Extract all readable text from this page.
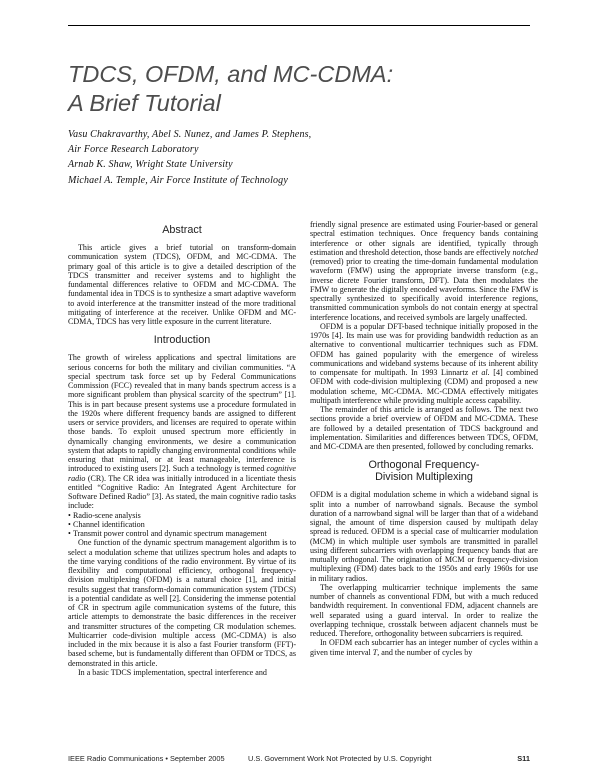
TDCS, OFDM, and MC-CDMA:
A Brief Tutorial
Vasu Chakravarthy, Abel S. Nunez, and James P. Stephens,
Air Force Research Laboratory
Arnab K. Shaw, Wright State University
Michael A. Temple, Air Force Institute of Technology
Abstract

This article gives a brief tutorial on transform-domain communication system (TDCS), OFDM, and MC-CDMA. The primary goal of this article is to give a detailed description of the TDCS transmitter and receiver systems and to highlight the fundamental differences relative to OFDM and MC-CDMA. The fundamental idea in TDCS is to synthesize a smart adaptive waveform to avoid interference at the transmitter instead of the more traditional mitigating of interference at the receiver. Unlike OFDM and MC-CDMA, TDCS has very little exposure in the current literature.

Introduction

The growth of wireless applications and spectral limitations are serious concerns for both the military and civilian communities. “A special spectrum task force set up by Federal Communications Commission (FCC) revealed that in many bands spectrum access is a more significant problem than physical scarcity of the spectrum” [1]. This is in part because present systems use a procedure formulated in the 1920s where different frequency bands are assigned to different users or service providers, and licenses are required to operate within those bands. To exploit unused spectrum more efficiently in dynamically changing environments, we desire a communication system that adapts to rapidly changing environmental conditions while ensuring that minimal, or at least manageable, interference is introduced to existing users [2]. Such a technology is termed cognitive radio (CR). The CR idea was initially introduced in a licentiate thesis entitled “Cognitive Radio: An Integrated Agent Architecture for Software Defined Radio” [3]. As stated, the main cognitive radio tasks include:

• Radio-scene analysis
• Channel identification
• Transmit power control and dynamic spectrum management

One function of the dynamic spectrum management algorithm is to select a modulation scheme that utilizes spectrum holes and adapts to the time varying conditions of the radio environment. By virtue of its flexibility and computational efficiency, orthogonal frequency-division multiplexing (OFDM) is a natural choice [1], and initial results suggest that transform-domain communication system (TDCS) is a potential candidate as well [2]. Considering the immense potential of CR in spectrum agile communication systems of the future, this article attempts to demonstrate the basic differences in the receiver and transmitter structures of the competing CR modulation schemes. Multicarrier code-division multiple access (MC-CDMA) is also included in the mix because it is also a fast Fourier transform (FFT)-based scheme, but is fundamentally different than OFDM or TDCS, as demonstrated in this article.

In a basic TDCS implementation, spectral interference and

friendly signal presence are estimated using Fourier-based or general spectral estimation techniques. Once frequency bands containing interference or other signals are identified, typically through estimation and threshold detection, those bands are effectively notched (removed) prior to creating the time-domain fundamental modulation waveform (FMW) using the appropriate inverse transform (e.g., inverse dicrete Fourier transform, DFT). Data then modulates the FMW to generate the digitally encoded waveforms. Since the FMW is spectrally synthesized to specifically avoid interference regions, transmitted communication symbols do not contain energy at spectral interference locations, and received symbols are largely unaffected.

OFDM is a popular DFT-based technique initially proposed in the 1970s [4]. Its main use was for providing bandwidth reduction as an alternative to conventional multicarrier techniques such as FDM. OFDM has gained popularity with the emergence of wireless communications and wideband systems because of its inherent ability to compensate for multipath. In 1993 Linnartz et al. [4] combined OFDM with code-division multiplexing (CDM) and proposed a new modulation scheme, MC-CDMA. MC-CDMA effectively mitigates multipath interference while providing multiple access capability.

The remainder of this article is arranged as follows. The next two sections provide a brief overview of OFDM and MC-CDMA. These are followed by a detailed presentation of TDCS background and implementation. Similarities and differences between TDCS, OFDM, and MC-CDMA are then presented, followed by concluding remarks.

Orthogonal Frequency-
Division Multiplexing

OFDM is a digital modulation scheme in which a wideband signal is split into a number of narrowband signals. Because the symbol duration of a narrowband signal will be larger than that of a wideband signal, the amount of time dispersion caused by multipath delay spread is reduced. OFDM is a special case of multicarrier modulation (MCM) in which multiple user symbols are transmitted in parallel using different subcarriers with overlapping frequency bands that are mutually orthogonal. The origination of MCM or frequency-division multiplexing (FDM) dates back to the 1950s and early 1960s for use in military radios.

The overlapping multicarrier technique implements the same number of channels as conventional FDM, but with a much reduced bandwidth requirement. In conventional FDM, adjacent channels are well separated using a guard interval. In order to realize the overlapping technique, crosstalk between adjacent channels must be reduced. Therefore, orthogonality between subcarriers is required.

In OFDM each subcarrier has an integer number of cycles within a given time interval T, and the number of cycles by

IEEE Radio Communications • September 2005	U.S. Government Work Not Protected by U.S. Copyright	S11
